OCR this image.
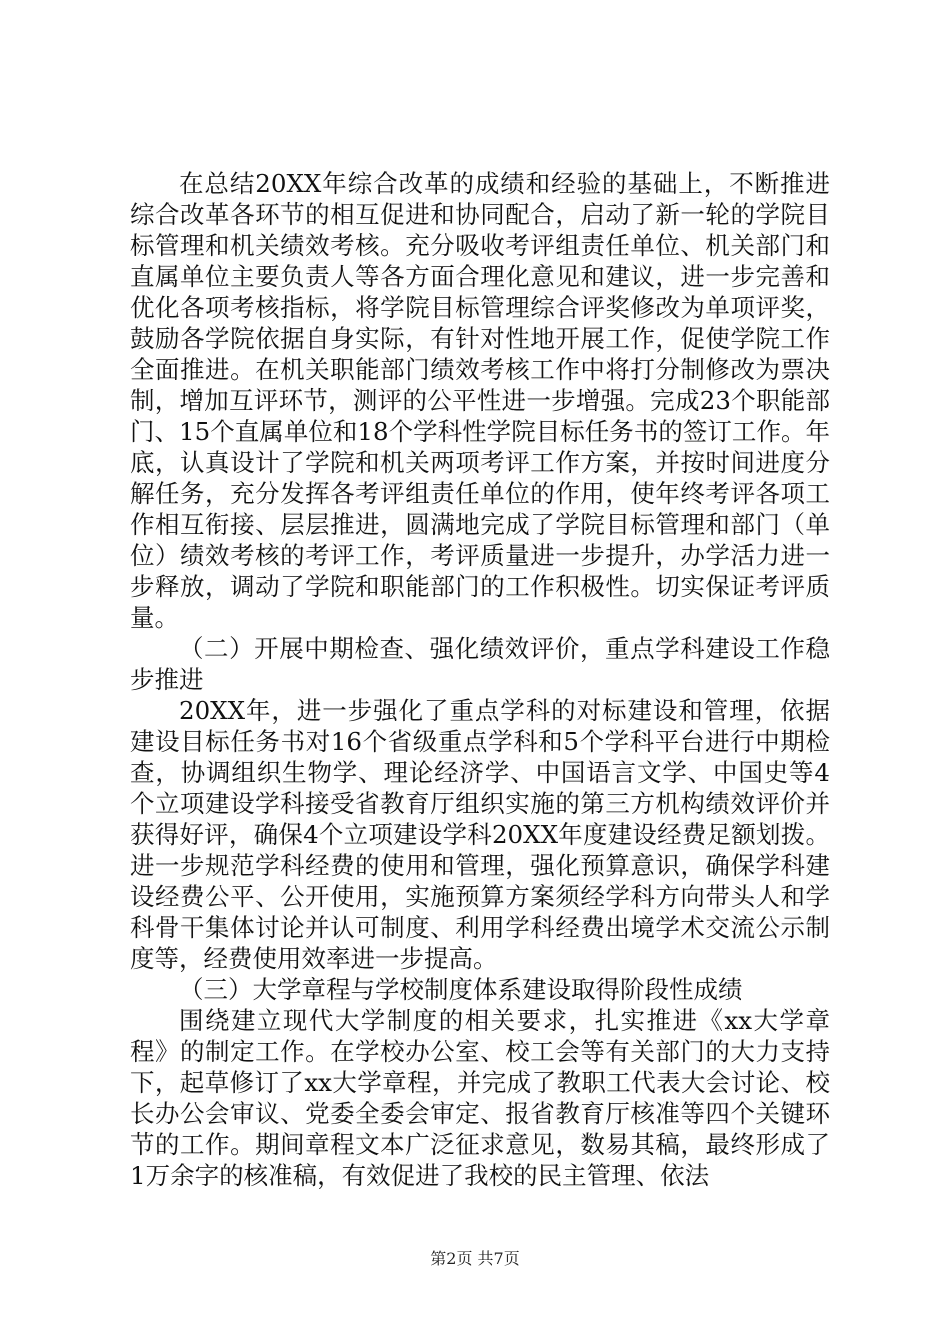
在总结20XX年综合改革的成绩和经验的基础上，不断推进综合改革各环节的相互促进和协同配合，启动了新一轮的学院目标管理和机关绩效考核。充分吸收考评组责任单位、机关部门和直属单位主要负责人等各方面合理化意见和建议，进一步完善和优化各项考核指标，将学院目标管理综合评奖修改为单项评奖，鼓励各学院依据自身实际，有针对性地开展工作，促使学院工作全面推进。在机关职能部门绩效考核工作中将打分制修改为票决制，增加互评环节，测评的公平性进一步增强。完成23个职能部门、15个直属单位和18个学科性学院目标任务书的签订工作。年底，认真设计了学院和机关两项考评工作方案，并按时间进度分解任务，充分发挥各考评组责任单位的作用，使年终考评各项工作相互衔接、层层推进，圆满地完成了学院目标管理和部门（单位）绩效考核的考评工作，考评质量进一步提升，办学活力进一步释放，调动了学院和职能部门的工作积极性。切实保证考评质量。

（二）开展中期检查、强化绩效评价，重点学科建设工作稳步推进

20XX年，进一步强化了重点学科的对标建设和管理，依据建设目标任务书对16个省级重点学科和5个学科平台进行中期检查，协调组织生物学、理论经济学、中国语言文学、中国史等4个立项建设学科接受省教育厅组织实施的第三方机构绩效评价并获得好评，确保4个立项建设学科20XX年度建设经费足额划拨。进一步规范学科经费的使用和管理，强化预算意识，确保学科建设经费公平、公开使用，实施预算方案须经学科方向带头人和学科骨干集体讨论并认可制度、利用学科经费出境学术交流公示制度等，经费使用效率进一步提高。

（三）大学章程与学校制度体系建设取得阶段性成绩

围绕建立现代大学制度的相关要求，扎实推进《xx大学章程》的制定工作。在学校办公室、校工会等有关部门的大力支持下，起草修订了xx大学章程，并完成了教职工代表大会讨论、校长办公会审议、党委全委会审定、报省教育厅核准等四个关键环节的工作。期间章程文本广泛征求意见，数易其稿，最终形成了1万余字的核准稿，有效促进了我校的民主管理、依法

第2页 共7页
